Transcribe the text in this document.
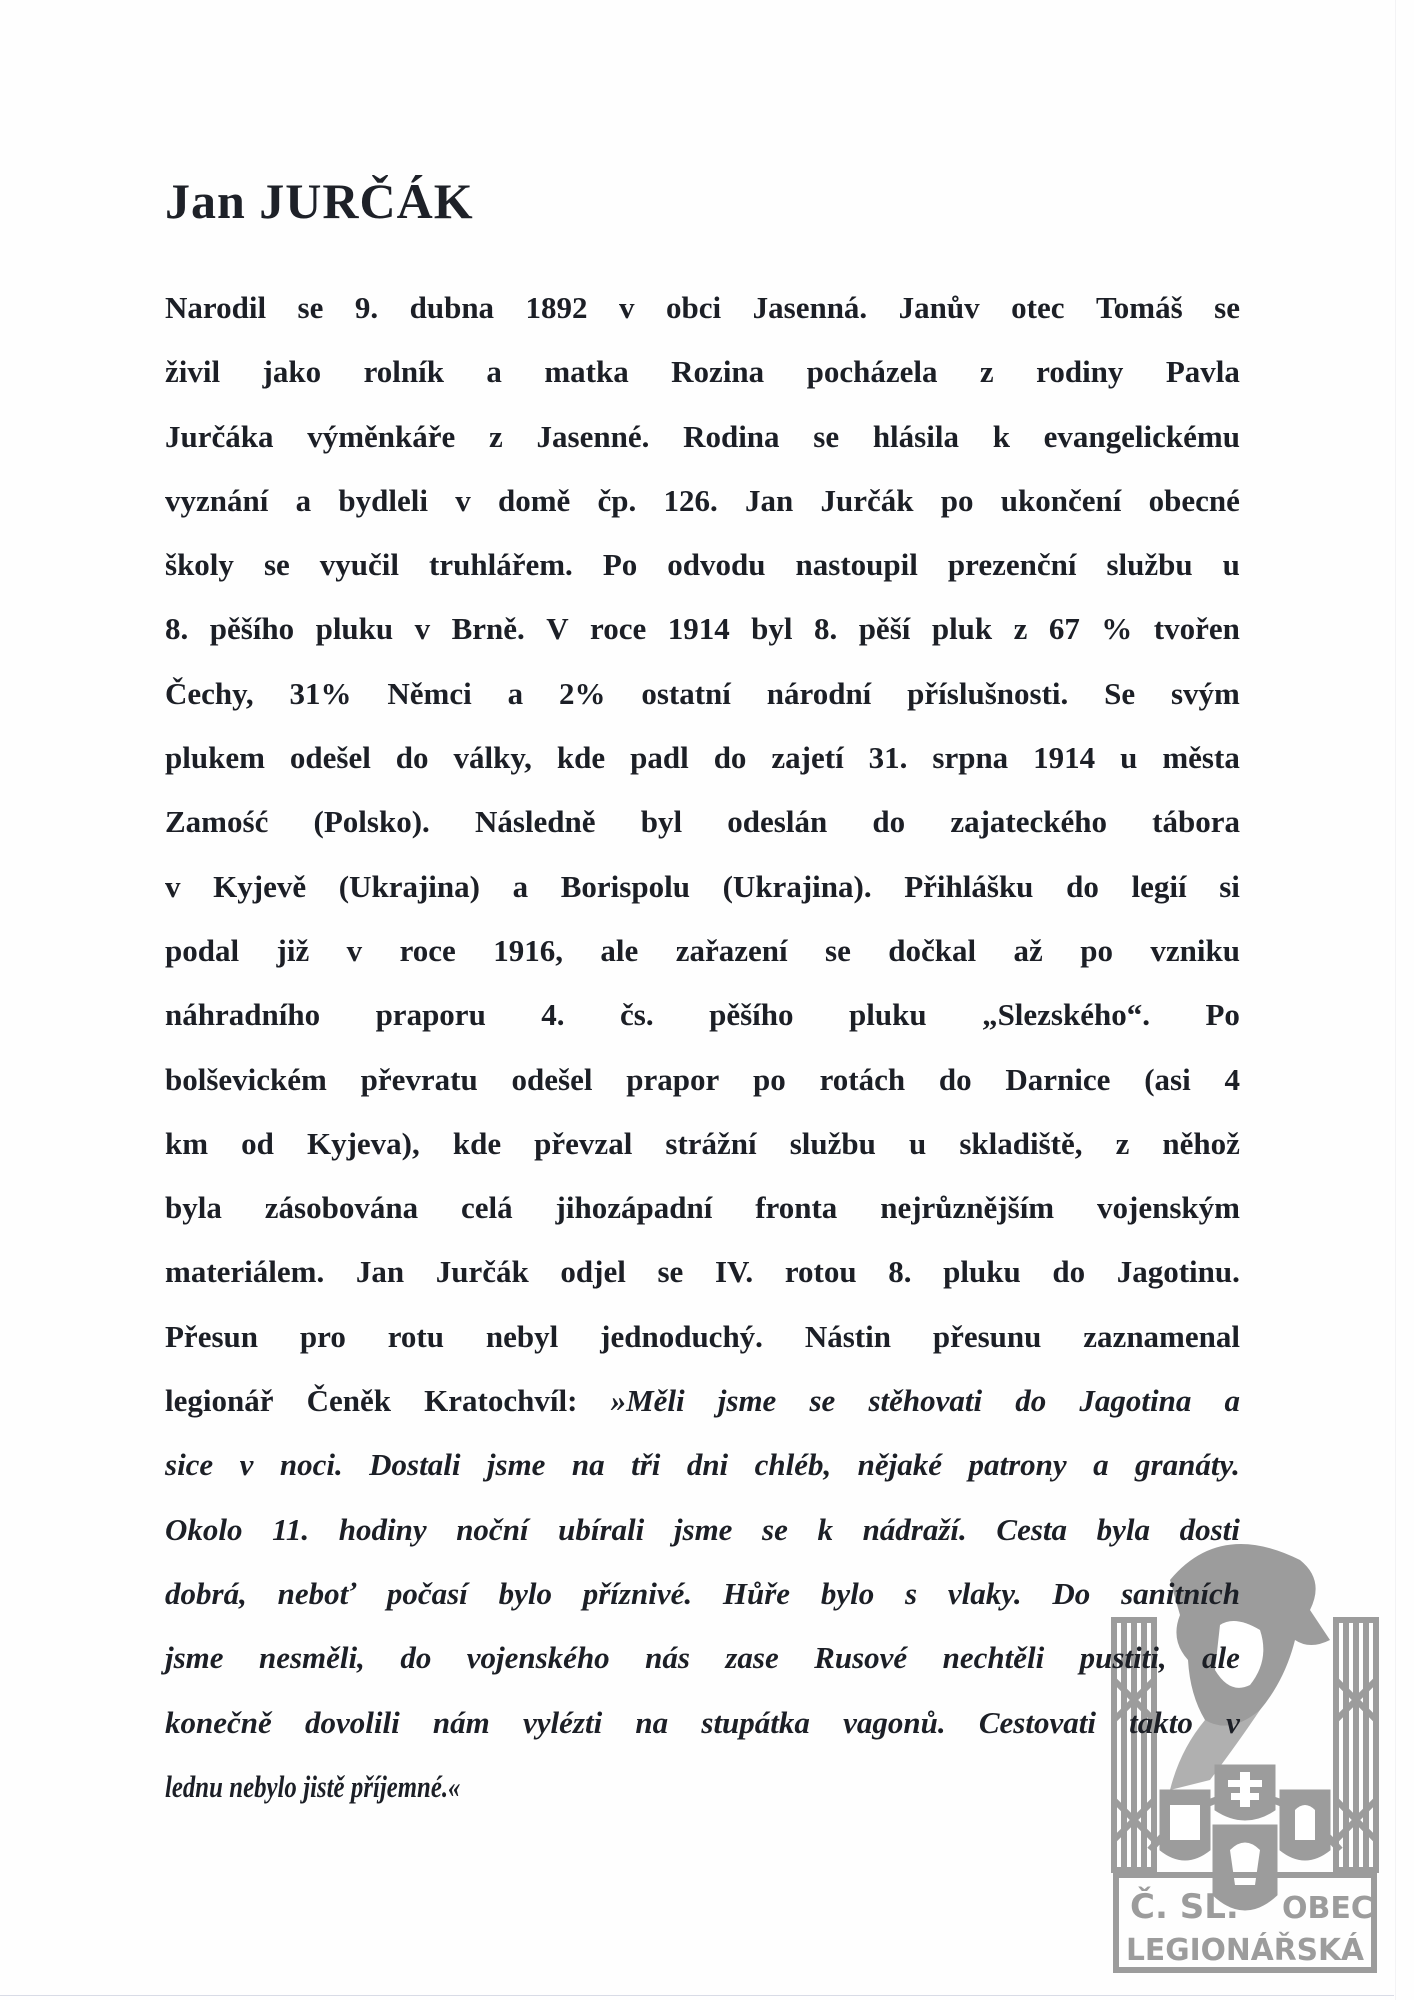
Jan JURČÁK
Č. SL. OBEC
LEGIONÁŘSKÁ
Narodil se 9. dubna 1892 v obci Jasenná. Janův otec Tomáš se
živil jako rolník a matka Rozina pocházela z rodiny Pavla
Jurčáka výměnkáře z Jasenné. Rodina se hlásila k evangelickému
vyznání a bydleli v domě čp. 126. Jan Jurčák po ukončení obecné
školy se vyučil truhlářem. Po odvodu nastoupil prezenční službu u
8. pěšího pluku v Brně. V roce 1914 byl 8. pěší pluk z 67 % tvořen
Čechy, 31% Němci a 2% ostatní národní příslušnosti. Se svým
plukem odešel do války, kde padl do zajetí 31. srpna 1914 u města
Zamość (Polsko). Následně byl odeslán do zajateckého tábora
v Kyjevě (Ukrajina) a Borispolu (Ukrajina). Přihlášku do legií si
podal již v roce 1916, ale zařazení se dočkal až po vzniku
náhradního praporu 4. čs. pěšího pluku „Slezského“. Po
bolševickém převratu odešel prapor po rotách do Darnice (asi 4
km od Kyjeva), kde převzal strážní službu u skladiště, z něhož
byla zásobována celá jihozápadní fronta nejrůznějším vojenským
materiálem. Jan Jurčák odjel se IV. rotou 8. pluku do Jagotinu.
Přesun pro rotu nebyl jednoduchý. Nástin přesunu zaznamenal
legionář Čeněk Kratochvíl: »Měli jsme se stěhovati do Jagotina a
sice v noci. Dostali jsme na tři dni chléb, nějaké patrony a granáty.
Okolo 11. hodiny noční ubírali jsme se k nádraží. Cesta byla dosti
dobrá, neboť počasí bylo příznivé. Hůře bylo s vlaky. Do sanitních
jsme nesměli, do vojenského nás zase Rusové nechtěli pustiti, ale
konečně dovolili nám vylézti na stupátka vagonů. Cestovati takto v
lednu nebylo jistě příjemné.«
